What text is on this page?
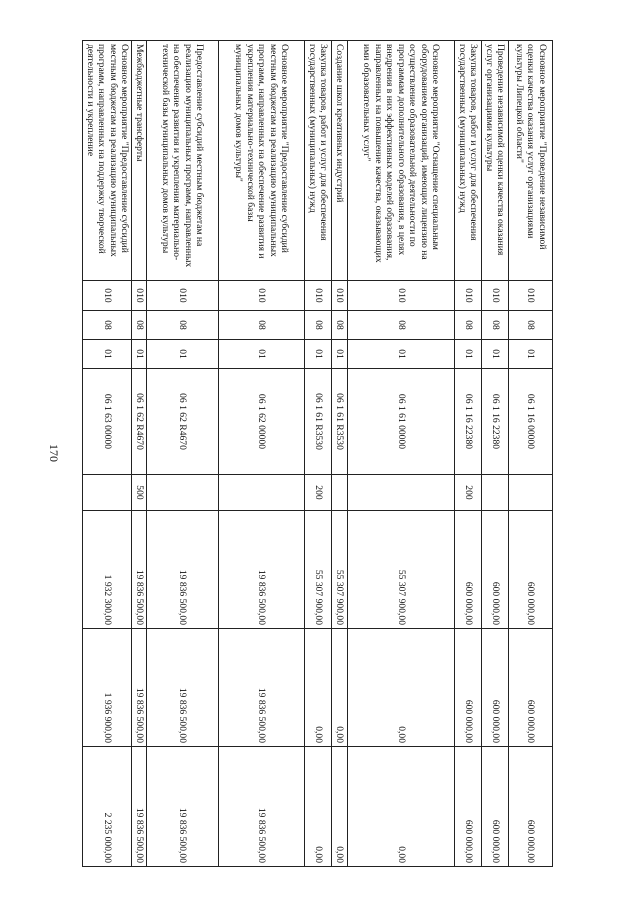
170
Основное мероприятие "Проведение независимой оценки качества оказания услуг организациями культуры Липецкой области"	010	08	01	06 1 16 00000		600 000,00	600 000,00	600 000,00
Проведение независимой оценки качества оказания услуг организациями культуры	010	08	01	06 1 16 22380		600 000,00	600 000,00	600 000,00
Закупка товаров, работ и услуг для обеспечения государственных (муниципальных) нужд	010	08	01	06 1 16 22380	200	600 000,00	600 000,00	600 000,00
Основное мероприятие "Оснащение специальным оборудованием организаций, имеющих лицензию на осуществление образовательной деятельности по программам дополнительного образования, в целях внедрения в них эффективных моделей образования, направленных на повышение качества, оказывающих ими образовательных услуг"	010	08	01	06 1 61 00000		55 307 900,00	0,00	0,00
Создание школ креативных индустрий	010	08	01	06 1 61 R3530		55 307 900,00	0,00	0,00
Закупка товаров, работ и услуг для обеспечения государственных (муниципальных) нужд	010	08	01	06 1 61 R3530	200	55 307 900,00	0,00	0,00
Основное мероприятие "Предоставление субсидий местным бюджетам на реализацию муниципальных программ, направленных на обеспечение развития и укрепления материально-технической базы муниципальных домов культуры"	010	08	01	06 1 62 00000		19 836 500,00	19 836 500,00	19 836 500,00
Предоставление субсидий местным бюджетам на реализацию муниципальных программ, направленных на обеспечение развития и укрепления материально-технической базы муниципальных домов культуры	010	08	01	06 1 62 R4670		19 836 500,00	19 836 500,00	19 836 500,00
Межбюджетные трансферты	010	08	01	06 1 62 R4670	500	19 836 500,00	19 836 500,00	19 836 500,00
Основное мероприятие "Предоставление субсидий местным бюджетам на реализацию муниципальных программ, направленных на поддержку творческой деятельности и укрепление	010	08	01	06 1 63 00000		1 932 300,00	1 936 900,00	2 235 000,00
